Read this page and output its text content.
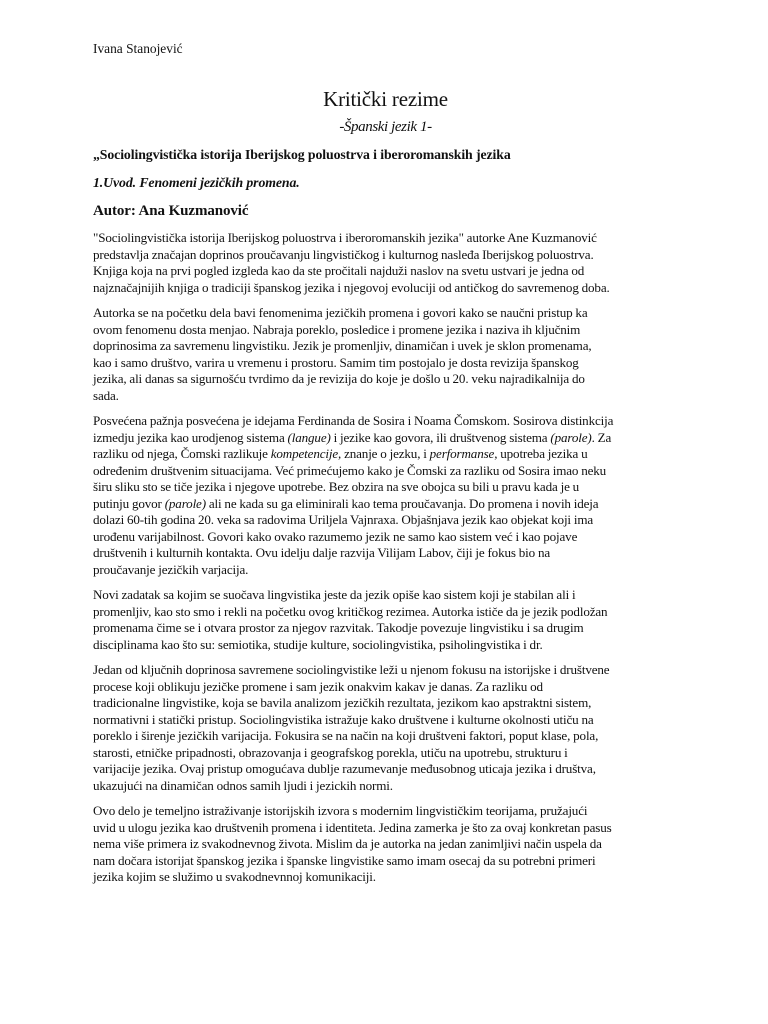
Ivana Stanojević
Kritički rezime
-Španski jezik 1-
„Sociolingvistička istorija Iberijskog poluostrva i iberoromanskih jezika
1.Uvod. Fenomeni jezičkih promena.
Autor: Ana Kuzmanović

"Sociolingvistička istorija Iberijskog poluostrva i iberoromanskih jezika" autorke Ane Kuzmanović
predstavlja značajan doprinos proučavanju lingvističkog i kulturnog nasleđa Iberijskog poluostrva.
Knjiga koja na prvi pogled izgleda kao da ste pročitali najduži naslov na svetu ustvari je jedna od
najznačajnijih knjiga o tradiciji španskog jezika i njegovoj evoluciji od antičkog do savremenog doba.

Autorka se na početku dela bavi fenomenima jezičkih promena i govori kako se naučni pristup ka
ovom fenomenu dosta menjao. Nabraja poreklo, posledice i promene jezika i naziva ih ključnim
doprinosima za savremenu lingvistiku. Jezik je promenljiv, dinamičan i uvek je sklon promenama,
kao i samo društvo, varira u vremenu i prostoru. Samim tim postojalo je dosta revizija španskog
jezika, ali danas sa sigurnošću tvrdimo da je revizija do koje je došlo u 20. veku najradikalnija do
sada.

Posvećena pažnja posvećena je idejama Ferdinanda de Sosira i Noama Čomskom. Sosirova distinkcija
izmedju jezika kao urodjenog sistema (langue) i jezike kao govora, ili društvenog sistema (parole). Za
razliku od njega, Čomski razlikuje kompetencije, znanje o jezku, i performanse, upotreba jezika u
određenim društvenim situacijama. Već primećujemo kako je Čomski za razliku od Sosira imao neku
širu sliku sto se tiče jezika i njegove upotrebe. Bez obzira na sve obojca su bili u pravu kada je u
putinju govor (parole) ali ne kada su ga eliminirali kao tema proučavanja. Do promena i novih ideja
dolazi 60-tih godina 20. veka sa radovima Uriljela Vajnraxa. Objašnjava jezik kao objekat koji ima
urođenu varijabilnost. Govori kako ovako razumemo jezik ne samo kao sistem već i kao pojave
društvenih i kulturnih kontakta. Ovu idelju dalje razvija Vilijam Labov, čiji je fokus bio na
proučavanje jezičkih varjacija.

Novi zadatak sa kojim se suočava lingvistika jeste da jezik opiše kao sistem koji je stabilan ali i
promenljiv, kao sto smo i rekli na početku ovog kritičkog rezimea. Autorka ističe da je jezik podložan
promenama čime se i otvara prostor za njegov razvitak. Takodje povezuje lingvistiku i sa drugim
disciplinama kao što su: semiotika, studije kulture, sociolingvistika, psiholingvistika i dr.

Jedan od ključnih doprinosa savremene sociolingvistike leži u njenom fokusu na istorijske i društvene
procese koji oblikuju jezičke promene i sam jezik onakvim kakav je danas. Za razliku od
tradicionalne lingvistike, koja se bavila analizom jezičkih rezultata, jezikom kao apstraktni sistem,
normativni i statički pristup. Sociolingvistika istražuje kako društvene i kulturne okolnosti utiču na
poreklo i širenje jezičkih varijacija. Fokusira se na način na koji društveni faktori, poput klase, pola,
starosti, etničke pripadnosti, obrazovanja i geografskog porekla, utiču na upotrebu, strukturu i
varijacije jezika. Ovaj pristup omogućava dublje razumevanje međusobnog uticaja jezika i društva,
ukazujući na dinamičan odnos samih ljudi i jezickih normi.

Ovo delo je temeljno istraživanje istorijskih izvora s modernim lingvističkim teorijama, pružajući
uvid u ulogu jezika kao društvenih promena i identiteta. Jedina zamerka je što za ovaj konkretan pasus
nema više primera iz svakodnevnog života. Mislim da je autorka na jedan zanimljivi način uspela da
nam dočara istorijat španskog jezika i španske lingvistike samo imam osecaj da su potrebni primeri
jezika kojim se služimo u svakodnevnnoj komunikaciji.
